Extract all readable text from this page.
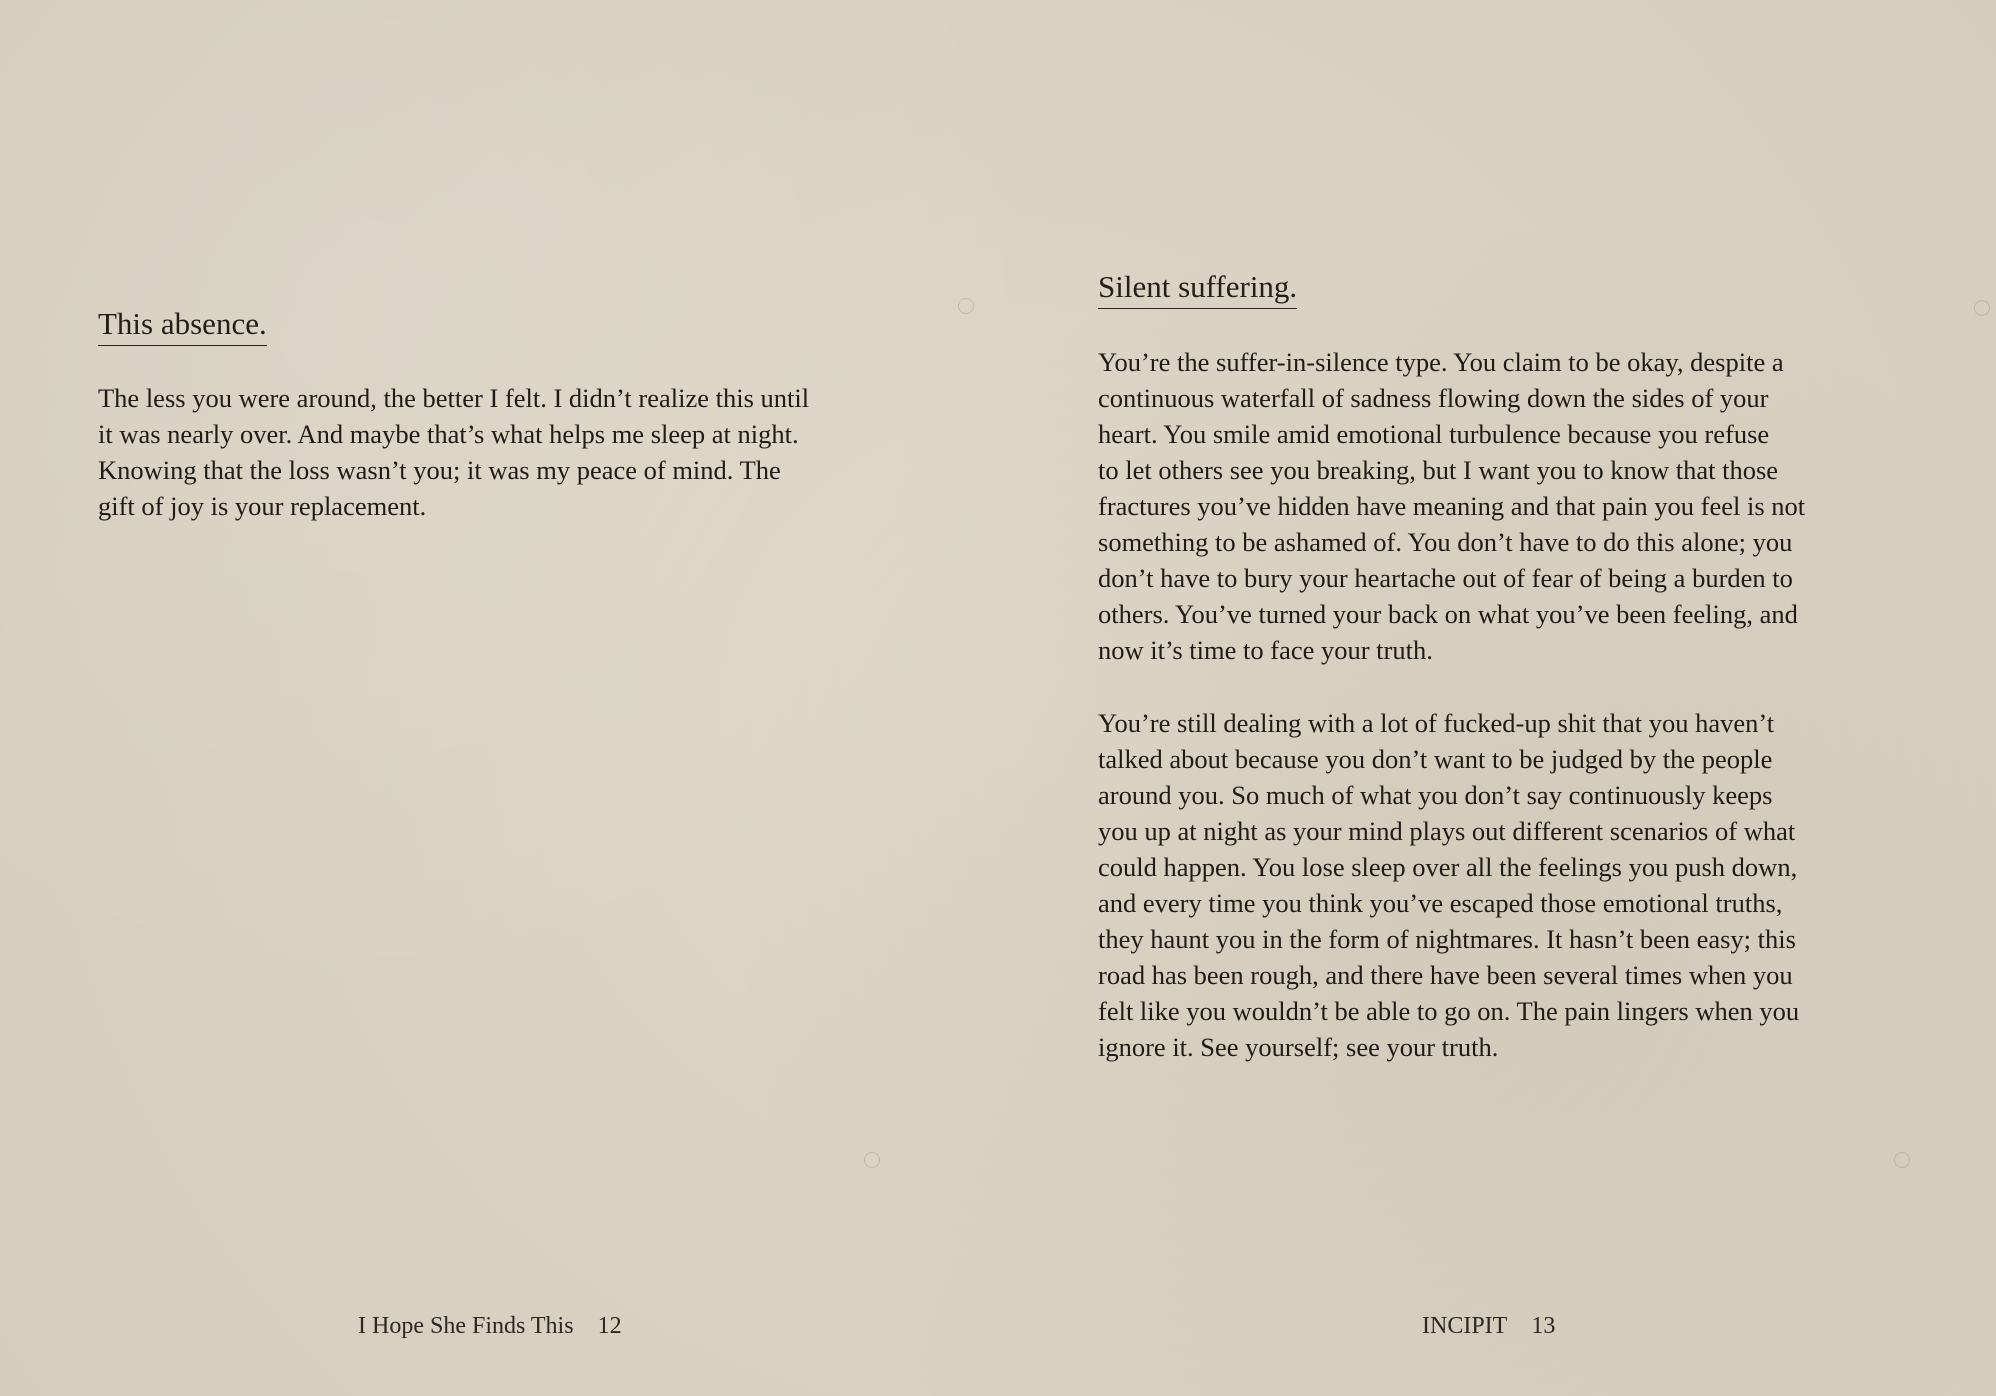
This absence.

The less you were around, the better I felt. I didn’t realize this until
it was nearly over. And maybe that’s what helps me sleep at night.
Knowing that the loss wasn’t you; it was my peace of mind. The
gift of joy is your replacement.

I Hope She Finds This 12
Silent suffering.

You’re the suffer-in-silence type. You claim to be okay, despite a
continuous waterfall of sadness flowing down the sides of your
heart. You smile amid emotional turbulence because you refuse
to let others see you breaking, but I want you to know that those
fractures you’ve hidden have meaning and that pain you feel is not
something to be ashamed of. You don’t have to do this alone; you
don’t have to bury your heartache out of fear of being a burden to
others. You’ve turned your back on what you’ve been feeling, and
now it’s time to face your truth.

You’re still dealing with a lot of fucked-up shit that you haven’t
talked about because you don’t want to be judged by the people
around you. So much of what you don’t say continuously keeps
you up at night as your mind plays out different scenarios of what
could happen. You lose sleep over all the feelings you push down,
and every time you think you’ve escaped those emotional truths,
they haunt you in the form of nightmares. It hasn’t been easy; this
road has been rough, and there have been several times when you
felt like you wouldn’t be able to go on. The pain lingers when you
ignore it. See yourself; see your truth.

INCIPIT 13
